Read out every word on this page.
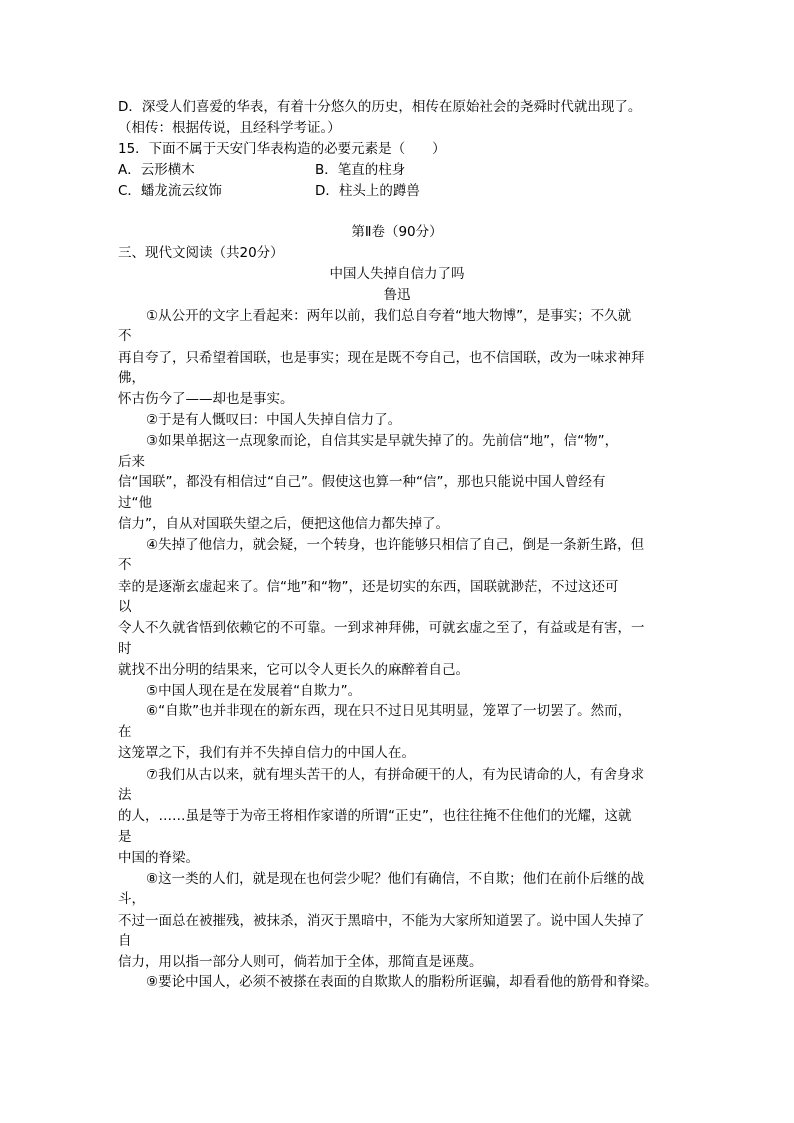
D．深受人们喜爱的华表，有着十分悠久的历史，相传在原始社会的尧舜时代就出现了。
（相传：根据传说，且经科学考证。）
15．下面不属于天安门华表构造的必要元素是（　　）
A．云形横木	B．笔直的柱身
C．蟠龙流云纹饰	D．柱头上的蹲兽
第Ⅱ卷（90分）
三、现代文阅读（共20分）
中国人失掉自信力了吗
鲁迅
①从公开的文字上看起来：两年以前，我们总自夸着“地大物博”，是事实；不久就
不
再自夸了，只希望着国联，也是事实；现在是既不夸自己，也不信国联，改为一味求神拜
佛，
怀古伤今了——却也是事实。
②于是有人慨叹曰：中国人失掉自信力了。
③如果单据这一点现象而论，自信其实是早就失掉了的。先前信“地”，信“物”，
后来
信“国联”，都没有相信过“自己”。假使这也算一种“信”，那也只能说中国人曾经有
过“他
信力”，自从对国联失望之后，便把这他信力都失掉了。
④失掉了他信力，就会疑，一个转身，也许能够只相信了自己，倒是一条新生路，但
不
幸的是逐渐玄虚起来了。信“地”和“物”，还是切实的东西，国联就渺茫，不过这还可
以
令人不久就省悟到依赖它的不可靠。一到求神拜佛，可就玄虚之至了，有益或是有害，一
时
就找不出分明的结果来，它可以令人更长久的麻醉着自己。
⑤中国人现在是在发展着“自欺力”。
⑥“自欺”也并非现在的新东西，现在只不过日见其明显，笼罩了一切罢了。然而，
在
这笼罩之下，我们有并不失掉自信力的中国人在。
⑦我们从古以来，就有埋头苦干的人，有拼命硬干的人，有为民请命的人，有舍身求
法
的人，……虽是等于为帝王将相作家谱的所谓“正史”，也往往掩不住他们的光耀，这就
是
中国的脊梁。
⑧这一类的人们，就是现在也何尝少呢？他们有确信，不自欺；他们在前仆后继的战
斗，
不过一面总在被摧残，被抹杀，消灭于黑暗中，不能为大家所知道罢了。说中国人失掉了
自
信力，用以指一部分人则可，倘若加于全体，那简直是诬蔑。
⑨要论中国人，必须不被搽在表面的自欺欺人的脂粉所诓骗，却看看他的筋骨和脊梁。
